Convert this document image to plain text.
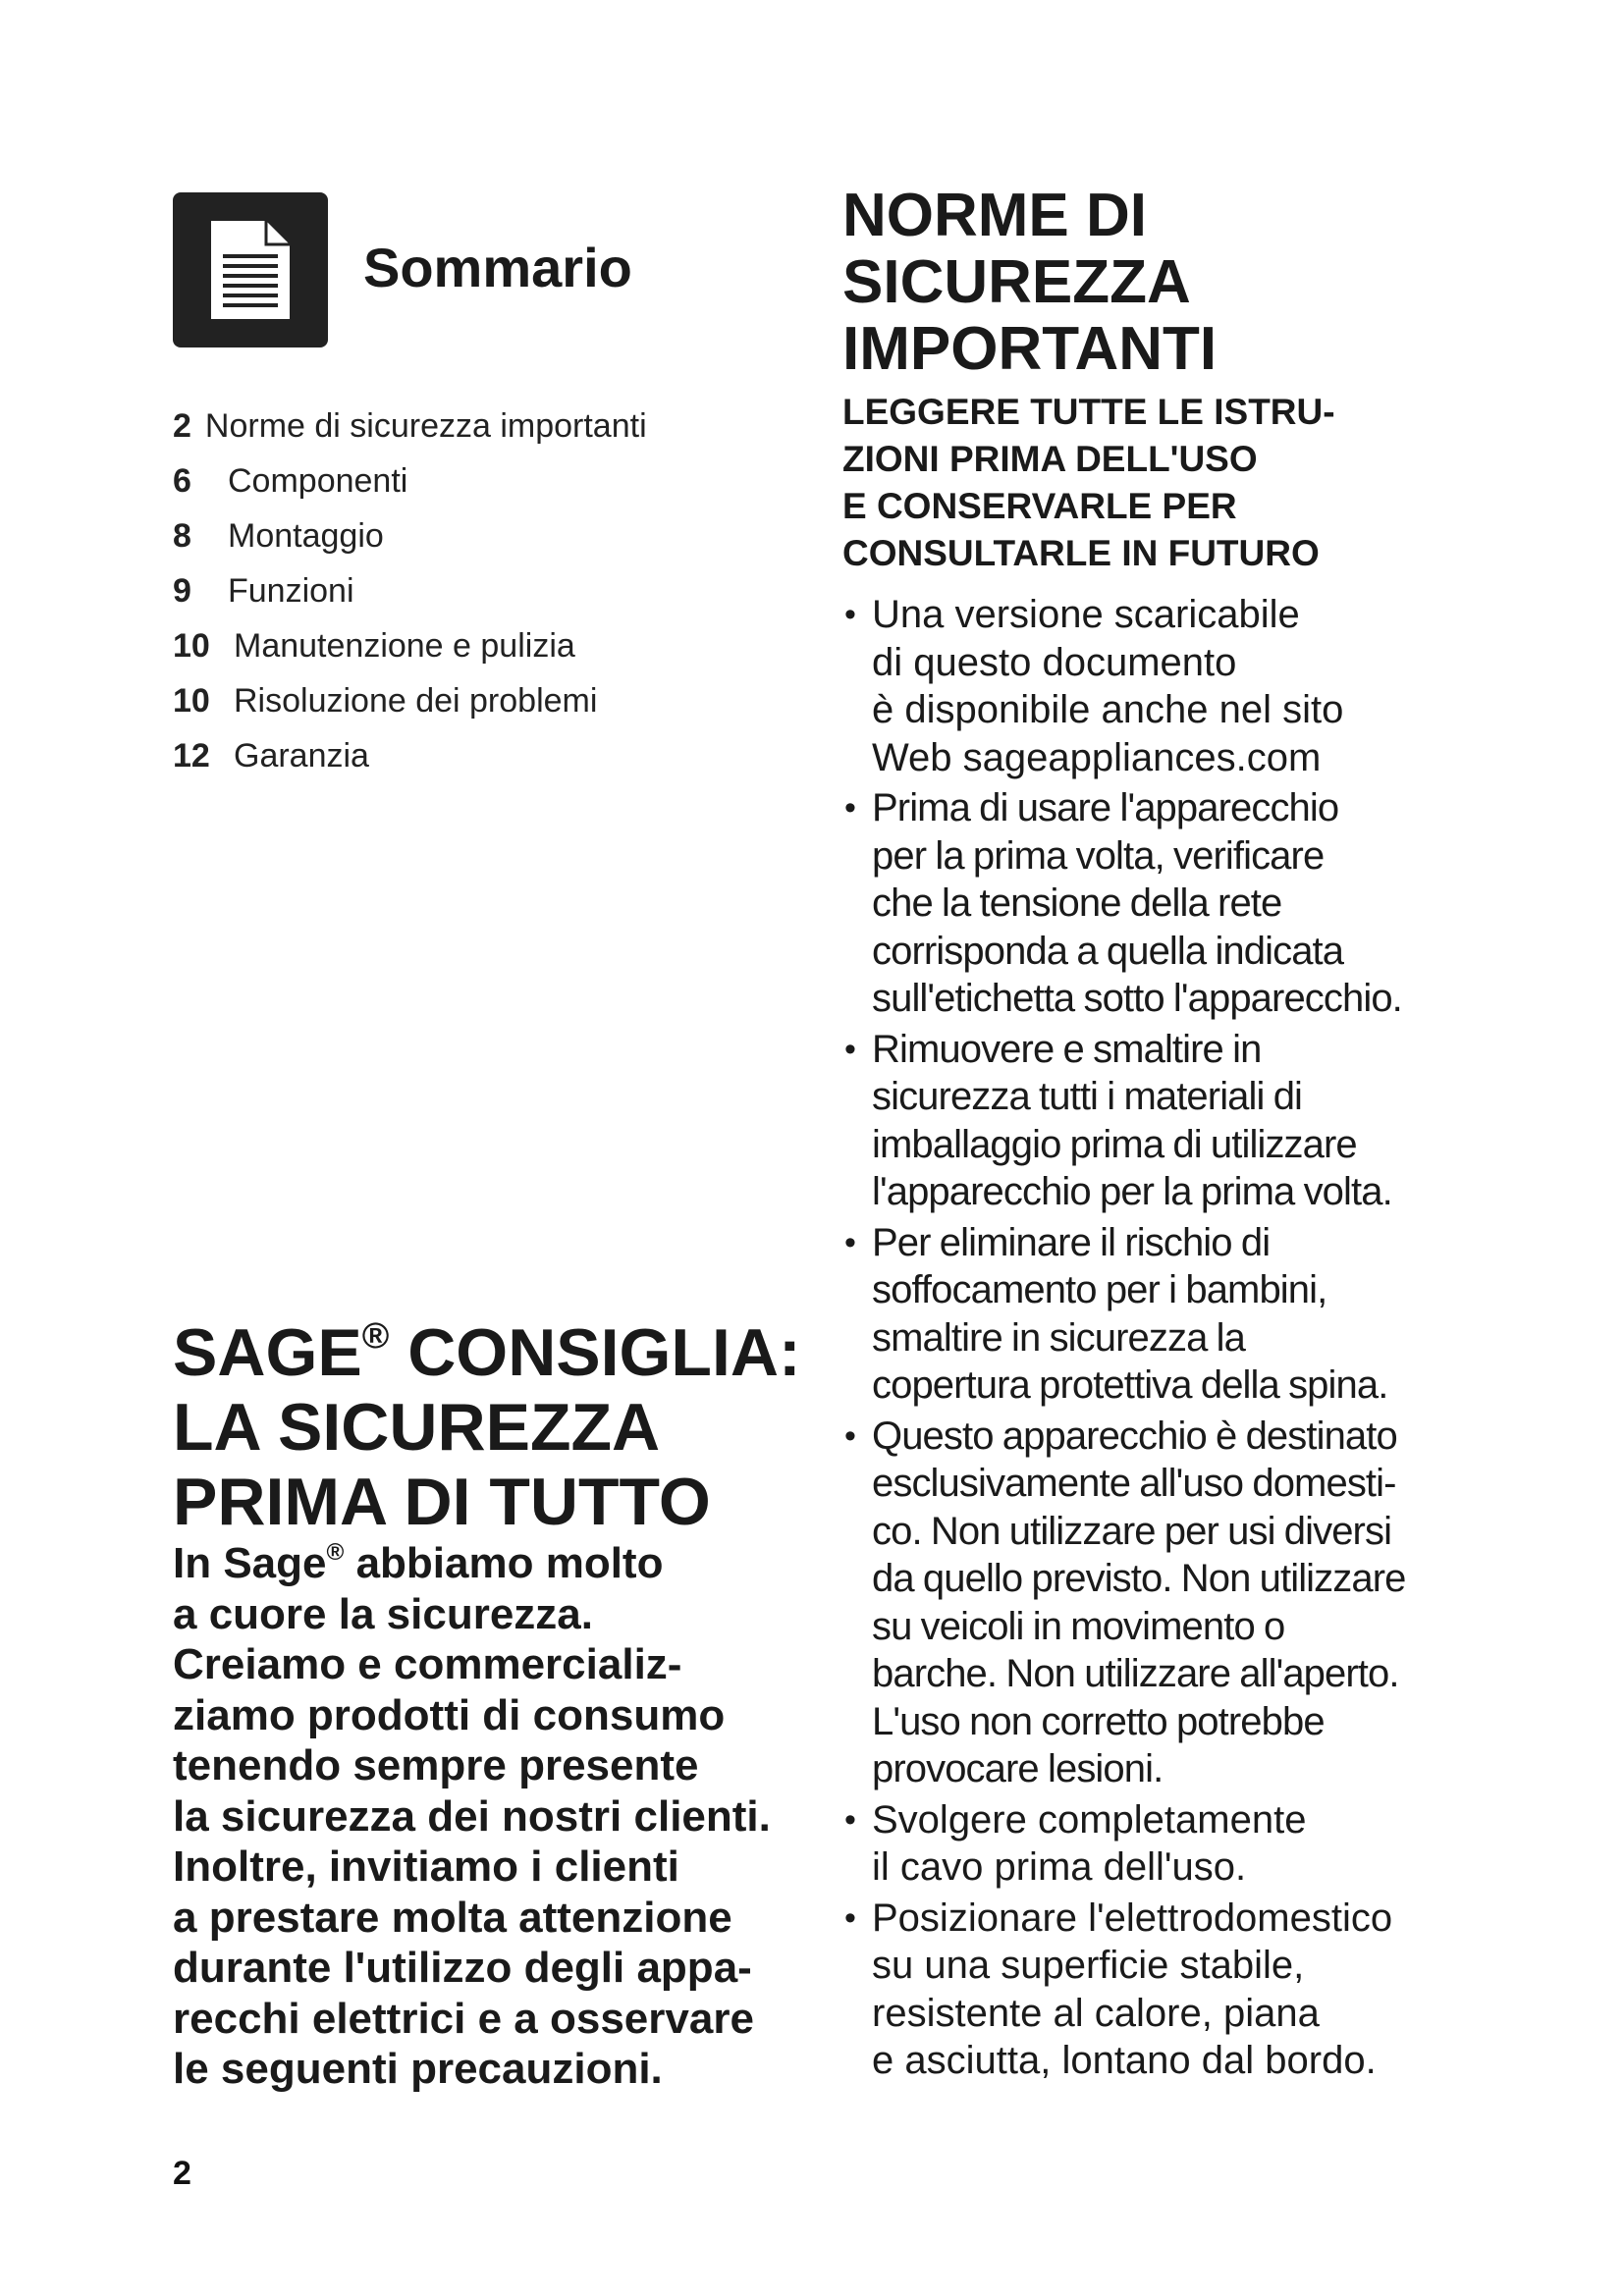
Sommario
2 Norme di sicurezza importanti
6	Componenti
8	Montaggio
9	Funzioni
10 Manutenzione e pulizia
10 Risoluzione dei problemi
12 Garanzia
SAGE® CONSIGLIA:
LA SICUREZZA
PRIMA DI TUTTO

In Sage® abbiamo molto
a cuore la sicurezza.
Creiamo e commercializ-
ziamo prodotti di consumo
tenendo sempre presente
la sicurezza dei nostri clienti.
Inoltre, invitiamo i clienti
a prestare molta attenzione
durante l'utilizzo degli appa-
recchi elettrici e a osservare
le seguenti precauzioni.

NORME DI
SICUREZZA
IMPORTANTI

LEGGERE TUTTE LE ISTRU-
ZIONI PRIMA DELL'USO
E CONSERVARLE PER
CONSULTARLE IN FUTURO

• Una versione scaricabile
di questo documento
è disponibile anche nel sito
Web sageappliances.com
• Prima di usare l'apparecchio
per la prima volta, verificare
che la tensione della rete
corrisponda a quella indicata
sull'etichetta sotto l'apparecchio.
• Rimuovere e smaltire in
sicurezza tutti i materiali di
imballaggio prima di utilizzare
l'apparecchio per la prima volta.
• Per eliminare il rischio di
soffocamento per i bambini,
smaltire in sicurezza la
copertura protettiva della spina.
• Questo apparecchio è destinato
esclusivamente all'uso domesti-
co. Non utilizzare per usi diversi
da quello previsto. Non utilizzare
su veicoli in movimento o
barche. Non utilizzare all'aperto.
L'uso non corretto potrebbe
provocare lesioni.
• Svolgere completamente
il cavo prima dell'uso.
• Posizionare l'elettrodomestico
su una superficie stabile,
resistente al calore, piana
e asciutta, lontano dal bordo.
2
